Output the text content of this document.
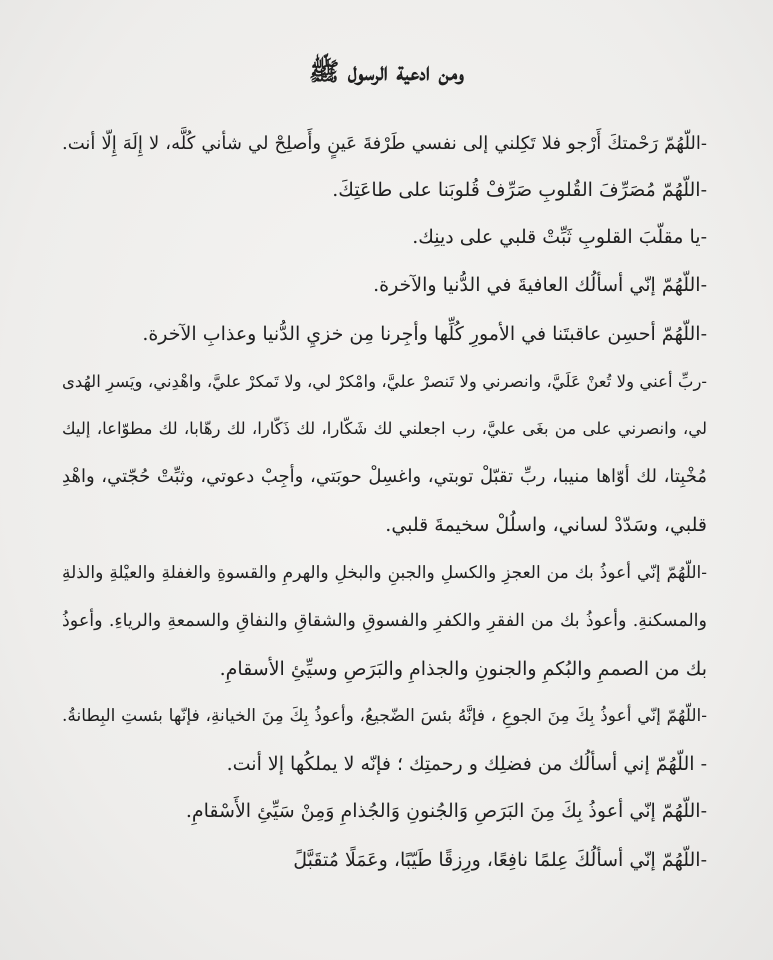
ومن ادعية الرسول ﷺ
-اللّهُمّ رَحْمتكَ أَرْجو فلا تَكِلني إلى نفسي طَرْفةَ عَينٍ وأَصلِحْ لي شأني كُلَّه، لا إِلَهَ إِلّا أنت.
-اللّهُمّ مُصَرِّفَ القُلوبِ صَرِّفْ قُلوبَنا على طاعَتِكَ.
-يا مقلّبَ القلوبِ ثَبِّتْ قلبي على دينِك.
-اللّهُمّ إنّي أسألُك العافيةَ في الدُّنيا والآخرة.
-اللّهُمّ أحسِن عاقبتَنا في الأمورِ كُلِّها وأجِرنا مِن خزيِ الدُّنيا وعذابِ الآخرة.
-ربِّ أعني ولا تُعنْ عَلَيَّ، وانصرني ولا تَنصرْ عليَّ، وامْكرْ لي، ولا تَمكرْ عليَّ، واهْدِني، ويَسرِ الهُدى
لي، وانصرني على من بغَى عليَّ، رب اجعلني لك شَكّارا، لك ذَكّارا، لك رهّابا، لك مطوّاعا، إليك
مُخْبِتا، لك أوّاها منيبا، ربِّ تقبّلْ توبتي، واغسِلْ حوبَتي، وأجِبْ دعوتي، وثبِّتْ حُجّتي، واهْدِ
قلبي، وسَدّدْ لساني، واسلُلْ سخيمةَ قلبي.
-اللّهُمّ إنّي أعوذُ بك من العجزِ والكسلِ والجبنِ والبخلِ والهرمِ والقسوةِ والغفلةِ والعيْلةِ والذلةِ
والمسكنةِ. وأعوذُ بك من الفقرِ والكفرِ والفسوقِ والشقاقِ والنفاقِ والسمعةِ والرياءِ. وأعوذُ
بك من الصممِ والبُكمِ والجنونِ والجذامِ والبَرَصِ وسيِّئِ الأسقامِ.
-اللّهُمّ إنّي أعوذُ بِكَ مِنَ الجوعِ ، فإنَّهُ بئسَ الضّجيعُ، وأعوذُ بِكَ مِنَ الخيانةِ، فإنّها بئستِ البِطانةُ.
- اللّهُمّ إني أسألُك من فضلِك و رحمتِك ؛ فإنّه لا يملكُها إلا أنت.
-اللّهُمّ إنّي أعوذُ بِكَ مِنَ البَرَصِ وَالجُنونِ وَالجُذامِ وَمِنْ سَيِّئِ الأَسْقامِ.
-اللّهُمّ إنّي أسألُكَ عِلمًا نافِعًا، ورِزقًا طَيّبًا، وعَمَلًا مُتقَبَّلً
